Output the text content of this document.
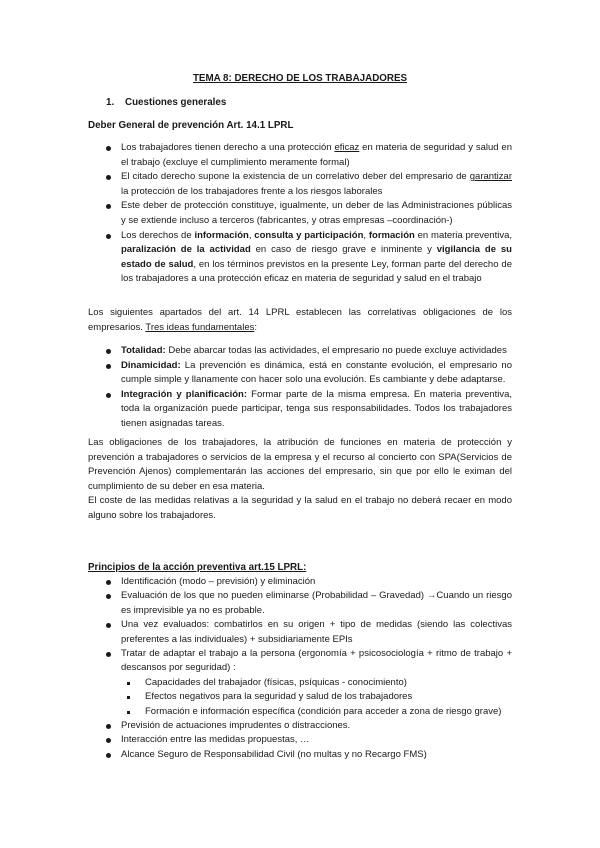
TEMA 8: DERECHO DE LOS TRABAJADORES
1. Cuestiones generales
Deber General de prevención Art. 14.1 LPRL
Los trabajadores tienen derecho a una protección eficaz en materia de seguridad y salud en el trabajo (excluye el cumplimiento meramente formal)
El citado derecho supone la existencia de un correlativo deber del empresario de garantizar la protección de los trabajadores frente a los riesgos laborales
Este deber de protección constituye, igualmente, un deber de las Administraciones públicas y se extiende incluso a terceros (fabricantes, y otras empresas –coordinación-)
Los derechos de información, consulta y participación, formación en materia preventiva, paralización de la actividad en caso de riesgo grave e inminente y vigilancia de su estado de salud, en los términos previstos en la presente Ley, forman parte del derecho de los trabajadores a una protección eficaz en materia de seguridad y salud en el trabajo

Los siguientes apartados del art. 14 LPRL establecen las correlativas obligaciones de los empresarios. Tres ideas fundamentales:

Totalidad: Debe abarcar todas las actividades, el empresario no puede excluye actividades
Dinamicidad: La prevención es dinámica, está en constante evolución, el empresario no cumple simple y llanamente con hacer solo una evolución. Es cambiante y debe adaptarse.
Integración y planificación: Formar parte de la misma empresa. En materia preventiva, toda la organización puede participar, tenga sus responsabilidades. Todos los trabajadores tienen asignadas tareas.

Las obligaciones de los trabajadores, la atribución de funciones en materia de protección y prevención a trabajadores o servicios de la empresa y el recurso al concierto con SPA(Servicios de Prevención Ajenos) complementarán las acciones del empresario, sin que por ello le eximan del cumplimiento de su deber en esa materia.

El coste de las medidas relativas a la seguridad y la salud en el trabajo no deberá recaer en modo alguno sobre los trabajadores.

Principios de la acción preventiva art.15 LPRL:
Identificación (modo – previsión) y eliminación
Evaluación de los que no pueden eliminarse (Probabilidad – Gravedad) →Cuando un riesgo es imprevisible ya no es probable.
Una vez evaluados: combatirlos en su origen + tipo de medidas (siendo las colectivas preferentes a las individuales) + subsidiariamente EPIs
Tratar de adaptar el trabajo a la persona (ergonomía + psicosociología + ritmo de trabajo + descansos por seguridad) :
Capacidades del trabajador (físicas, psíquicas - conocimiento)
Efectos negativos para la seguridad y salud de los trabajadores
Formación e información específica (condición para acceder a zona de riesgo grave)
Previsión de actuaciones imprudentes o distracciones.
Interacción entre las medidas propuestas, …
Alcance Seguro de Responsabilidad Civil (no multas y no Recargo FMS)
